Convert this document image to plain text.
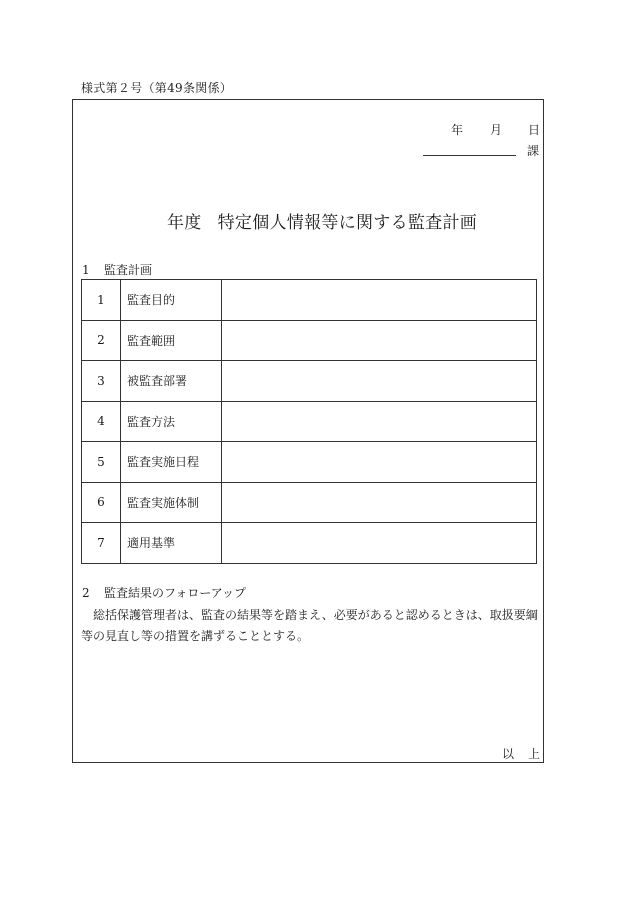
様式第２号（第49条関係）
年 月 日
課
年度 特定個人情報等に関する監査計画
1 監査計画
1	監査目的	
2	監査範囲	
3	被監査部署	
4	監査方法	
5	監査実施日程	
6	監査実施体制	
7	適用基準	
2 監査結果のフォローアップ

総括保護管理者は、監査の結果等を踏まえ、必要があると認めるときは、取扱要綱等の見直し等の措置を講ずることとする。

以 上
